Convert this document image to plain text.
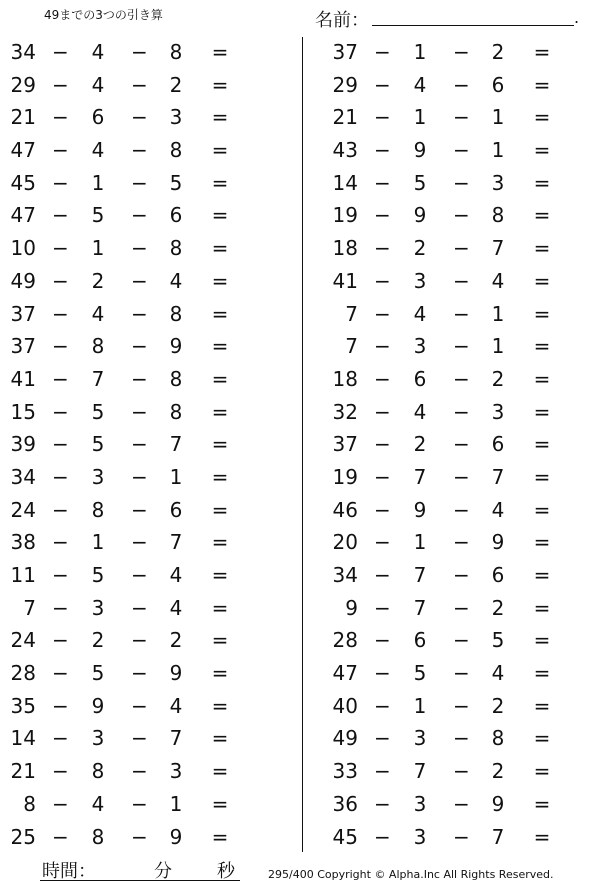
49までの3つの引き算	名前：	.
34 − 4 − 8 =
29 − 4 − 2 =
21 − 6 − 3 =
47 − 4 − 8 =
45 − 1 − 5 =
47 − 5 − 6 =
10 − 1 − 8 =
49 − 2 − 4 =
37 − 4 − 8 =
37 − 8 − 9 =
41 − 7 − 8 =
15 − 5 − 8 =
39 − 5 − 7 =
34 − 3 − 1 =
24 − 8 − 6 =
38 − 1 − 7 =
11 − 5 − 4 =
7 − 3 − 4 =
24 − 2 − 2 =
28 − 5 − 9 =
35 − 9 − 4 =
14 − 3 − 7 =
21 − 8 − 3 =
8 − 4 − 1 =
25 − 8 − 9 =
37 − 1 − 2 =
29 − 4 − 6 =
21 − 1 − 1 =
43 − 9 − 1 =
14 − 5 − 3 =
19 − 9 − 8 =
18 − 2 − 7 =
41 − 3 − 4 =
7 − 4 − 1 =
7 − 3 − 1 =
18 − 6 − 2 =
32 − 4 − 3 =
37 − 2 − 6 =
19 − 7 − 7 =
46 − 9 − 4 =
20 − 1 − 9 =
34 − 7 − 6 =
9 − 7 − 2 =
28 − 6 − 5 =
47 − 5 − 4 =
40 − 1 − 2 =
49 − 3 − 8 =
33 − 7 − 2 =
36 − 3 − 9 =
45 − 3 − 7 =
時間：	分	秒	295/400 Copyright © Alpha.Inc All Rights Reserved.
